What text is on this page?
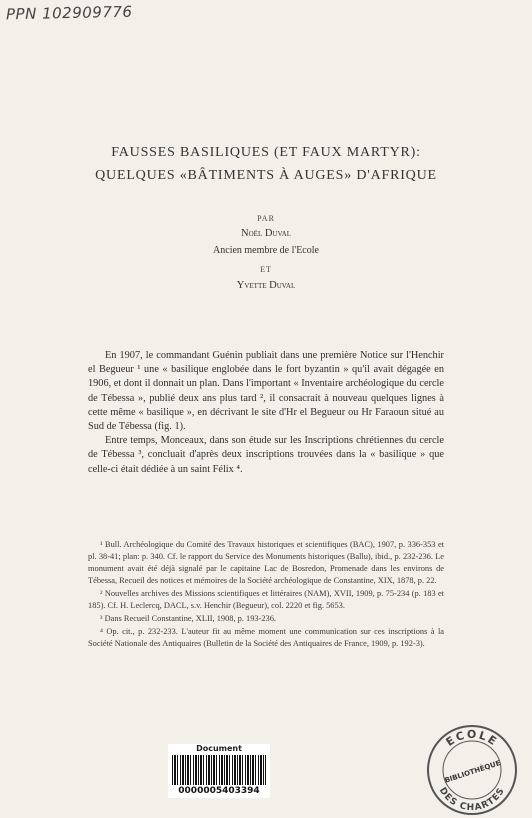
PPN 102909776
FAUSSES BASILIQUES (ET FAUX MARTYR):
QUELQUES «BÂTIMENTS À AUGES» D'AFRIQUE
PAR
Noël Duval
Ancien membre de l'Ecole
ET
Yvette Duval

En 1907, le commandant Guénin publiait dans une première Notice sur l'Henchir el Begueur ¹ une « basilique englobée dans le fort byzantin » qu'il avait dégagée en 1906, et dont il donnait un plan. Dans l'important « Inventaire archéologique du cercle de Tébessa », publié deux ans plus tard ², il consacrait à nouveau quelques lignes à cette même « basilique », en décrivant le site d'Hr el Begueur ou Hr Faraoun situé au Sud de Tébessa (fig. 1).

Entre temps, Monceaux, dans son étude sur les Inscriptions chrétiennes du cercle de Tébessa ³, concluait d'après deux inscriptions trouvées dans la « basilique » que celle-ci était dédiée à un saint Félix ⁴.

¹ Bull. Archéologique du Comité des Travaux historiques et scientifiques (BAC), 1907, p. 336-353 et pl. 38-41; plan: p. 340. Cf. le rapport du Service des Monuments historiques (Ballu), ibid., p. 232-236. Le monument avait été déjà signalé par le capitaine Lac de Bosredon, Promenade dans les environs de Tébessa, Recueil des notices et mémoires de la Société archéologique de Constantine, XIX, 1878, p. 22.

² Nouvelles archives des Missions scientifiques et littéraires (NAM), XVII, 1909, p. 75-234 (p. 183 et 185). Cf. H. Leclercq, DACL, s.v. Henchir (Begueur), col. 2220 et fig. 5653.

³ Dans Recueil Constantine, XLII, 1908, p. 193-236.

⁴ Op. cit., p. 232-233. L'auteur fit au même moment une communication sur ces inscriptions à la Société Nationale des Antiquaires (Bulletin de la Société des Antiquaires de France, 1909, p. 192-3).

Document
0000005403394
ECOLE
BIBLIOTHÈQUE
DES CHARTES
